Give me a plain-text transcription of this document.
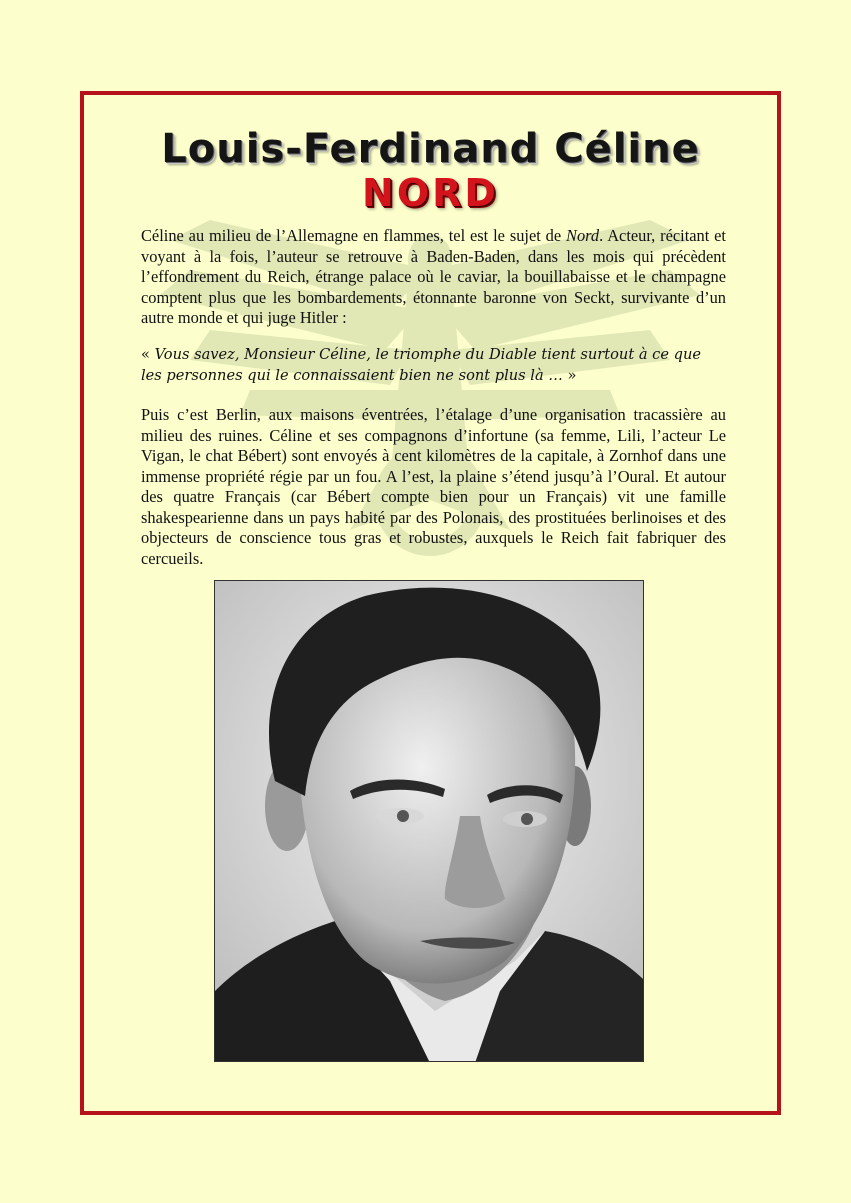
Louis-Ferdinand Céline
NORD

Céline au milieu de l’Allemagne en flammes, tel est le sujet de Nord. Acteur, récitant et voyant à la fois, l’auteur se retrouve à Baden-Baden, dans les mois qui précèdent l’effondrement du Reich, étrange palace où le caviar, la bouillabaisse et le champagne comptent plus que les bombardements, étonnante baronne von Seckt, survivante d’un autre monde et qui juge Hitler :

« Vous savez, Monsieur Céline, le triomphe du Diable tient surtout à ce que les personnes qui le connaissaient bien ne sont plus là … »

Puis c’est Berlin, aux maisons éventrées, l’étalage d’une organisation tracassière au milieu des ruines. Céline et ses compagnons d’infortune (sa femme, Lili, l’acteur Le Vigan, le chat Bébert) sont envoyés à cent kilomètres de la capitale, à Zornhof dans une immense propriété régie par un fou. A l’est, la plaine s’étend jusqu’à l’Oural. Et autour des quatre Français (car Bébert compte bien pour un Français) vit une famille shakespearienne dans un pays habité par des Polonais, des prostituées berlinoises et des objecteurs de conscience tous gras et robustes, auxquels le Reich fait fabriquer des cercueils.
